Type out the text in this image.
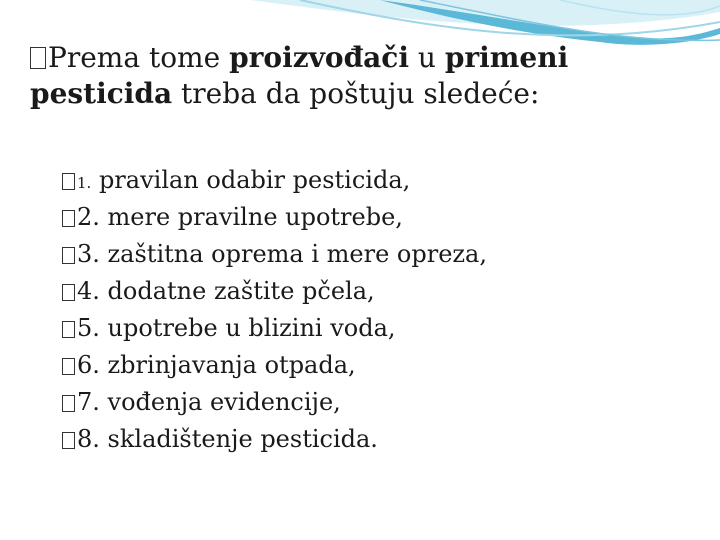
Prema tome proizvođači u primeni pesticida treba da poštuju sledeće:
1. pravilan odabir pesticida,
2. mere pravilne upotrebe,
3. zaštitna oprema i mere opreza,
4. dodatne zaštite pčela,
5. upotrebe u blizini voda,
6. zbrinjavanja otpada,
7. vođenja evidencije,
8. skladištenje pesticida.
